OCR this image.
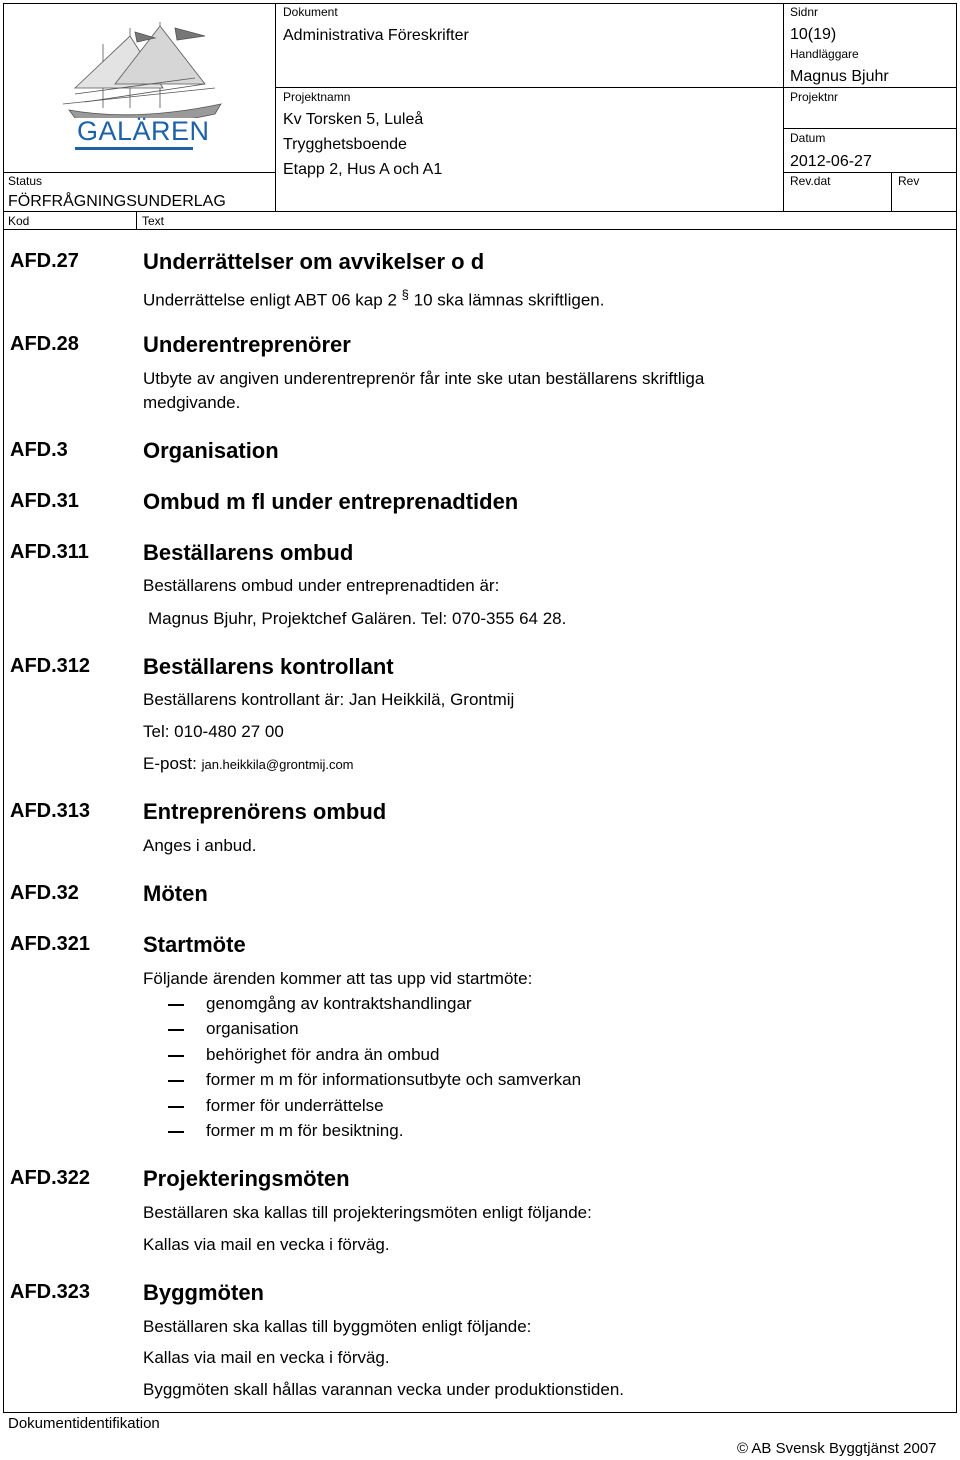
GALÄREN
Status
FÖRFRÅGNINGSUNDERLAG
Kod	Text
Dokument
Administrativa Föreskrifter
Projektnamn
Kv Torsken 5, Luleå
Trygghetsboende
Etapp 2, Hus A och A1
Sidnr
10(19)
Handläggare
Magnus Bjuhr
Projektnr
Datum
2012-06-27
Rev.dat	Rev
AFD.27	Underrättelser om avvikelser o d
Underrättelse enligt ABT 06 kap 2 § 10 ska lämnas skriftligen.
AFD.28	Underentreprenörer
Utbyte av angiven underentreprenör får inte ske utan beställarens skriftliga
medgivande.
AFD.3	Organisation
AFD.31	Ombud m fl under entreprenadtiden
AFD.311 Beställarens ombud
Beställarens ombud under entreprenadtiden är:
Magnus Bjuhr, Projektchef Galären. Tel: 070-355 64 28.
AFD.312 Beställarens kontrollant
Beställarens kontrollant är: Jan Heikkilä, Grontmij
Tel: 010-480 27 00
E-post: jan.heikkila@grontmij.com
AFD.313 Entreprenörens ombud
Anges i anbud.
AFD.32	Möten
AFD.321 Startmöte
Följande ärenden kommer att tas upp vid startmöte:
genomgång av kontraktshandlingar
organisation
behörighet för andra än ombud
former m m för informationsutbyte och samverkan
former för underrättelse
former m m för besiktning.
AFD.322 Projekteringsmöten
Beställaren ska kallas till projekteringsmöten enligt följande:
Kallas via mail en vecka i förväg.
AFD.323 Byggmöten
Beställaren ska kallas till byggmöten enligt följande:
Kallas via mail en vecka i förväg.
Byggmöten skall hållas varannan vecka under produktionstiden.
Dokumentidentifikation
© AB Svensk Byggtjänst 2007
